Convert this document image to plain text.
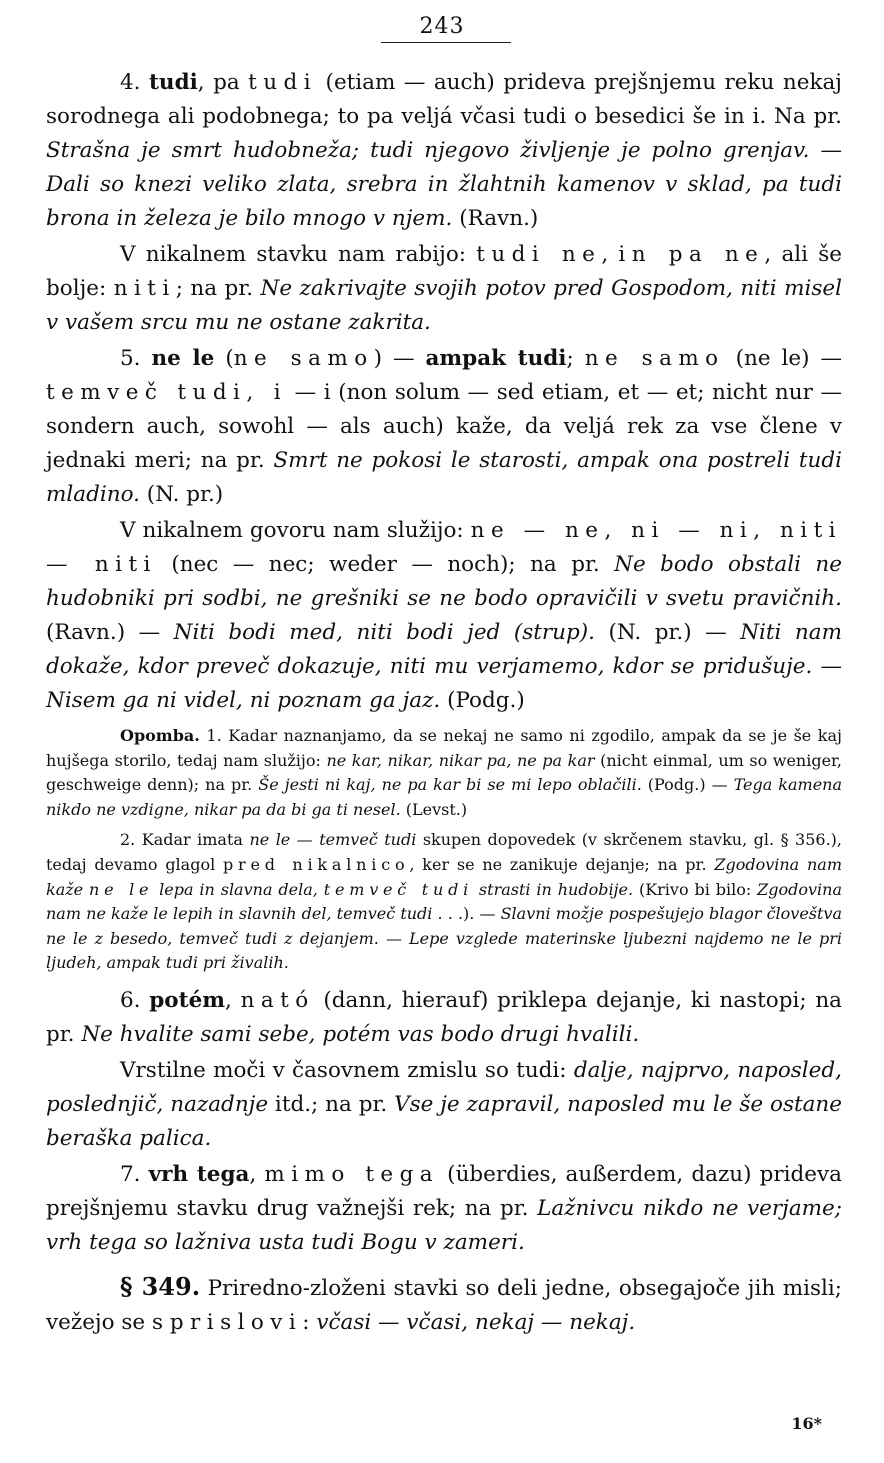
243

4. tudi, pa tudi (etiam — auch) prideva prejšnjemu reku nekaj sorodnega ali podobnega; to pa veljá včasi tudi o besedici še in i. Na pr. Strašna je smrt hudobneža; tudi njegovo življenje je polno grenjav. — Dali so knezi veliko zlata, srebra in žlahtnih kamenov v sklad, pa tudi brona in železa je bilo mnogo v njem. (Ravn.)

V nikalnem stavku nam rabijo: tudi ne, in pa ne, ali še bolje: niti; na pr. Ne zakrivajte svojih potov pred Gospodom, niti misel v vašem srcu mu ne ostane zakrita.

5. ne le (ne samo) — ampak tudi; ne samo (ne le) — temveč tudi, i — i (non solum — sed etiam, et — et; nicht nur — sondern auch, sowohl — als auch) kaže, da veljá rek za vse člene v jednaki meri; na pr. Smrt ne pokosi le starosti, ampak ona postreli tudi mladino. (N. pr.)

V nikalnem govoru nam služijo: ne — ne, ni — ni, niti — niti (nec — nec; weder — noch); na pr. Ne bodo obstali ne hudobniki pri sodbi, ne grešniki se ne bodo opravičili v svetu pravičnih. (Ravn.) — Niti bodi med, niti bodi jed (strup). (N. pr.) — Niti nam dokaže, kdor preveč dokazuje, niti mu verjamemo, kdor se pridušuje. — Nisem ga ni videl, ni poznam ga jaz. (Podg.)

Opomba. 1. Kadar naznanjamo, da se nekaj ne samo ni zgodilo, ampak da se je še kaj hujšega storilo, tedaj nam služijo: ne kar, nikar, nikar pa, ne pa kar (nicht einmal, um so weniger, geschweige denn); na pr. Še jesti ni kaj, ne pa kar bi se mi lepo oblačili. (Podg.) — Tega kamena nikdo ne vzdigne, nikar pa da bi ga ti nesel. (Levst.)

2. Kadar imata ne le — temveč tudi skupen dopovedek (v skrčenem stavku, gl. § 356.), tedaj devamo glagol pred nikalnico, ker se ne zanikuje dejanje; na pr. Zgodovina nam kaže ne le lepa in slavna dela, temveč tudi strasti in hudobije. (Krivo bi bilo: Zgodovina nam ne kaže le lepih in slavnih del, temveč tudi . . .). — Slavni možje pospešujejo blagor človeštva ne le z besedo, temveč tudi z dejanjem. — Lepe vzglede materinske ljubezni najdemo ne le pri ljudeh, ampak tudi pri živalih.

6. potém, nató (dann, hierauf) priklepa dejanje, ki nastopi; na pr. Ne hvalite sami sebe, potém vas bodo drugi hvalili.

Vrstilne moči v časovnem zmislu so tudi: dalje, najprvo, naposled, poslednjič, nazadnje itd.; na pr. Vse je zapravil, naposled mu le še ostane beraška palica.

7. vrh tega, mimo tega (überdies, außerdem, dazu) prideva prejšnjemu stavku drug važnejši rek; na pr. Lažnivcu nikdo ne verjame; vrh tega so lažniva usta tudi Bogu v zameri.

§ 349. Priredno-zloženi stavki so deli jedne, obsegajoče jih misli; vežejo se s prislovi: včasi — včasi, nekaj — nekaj.

16*
